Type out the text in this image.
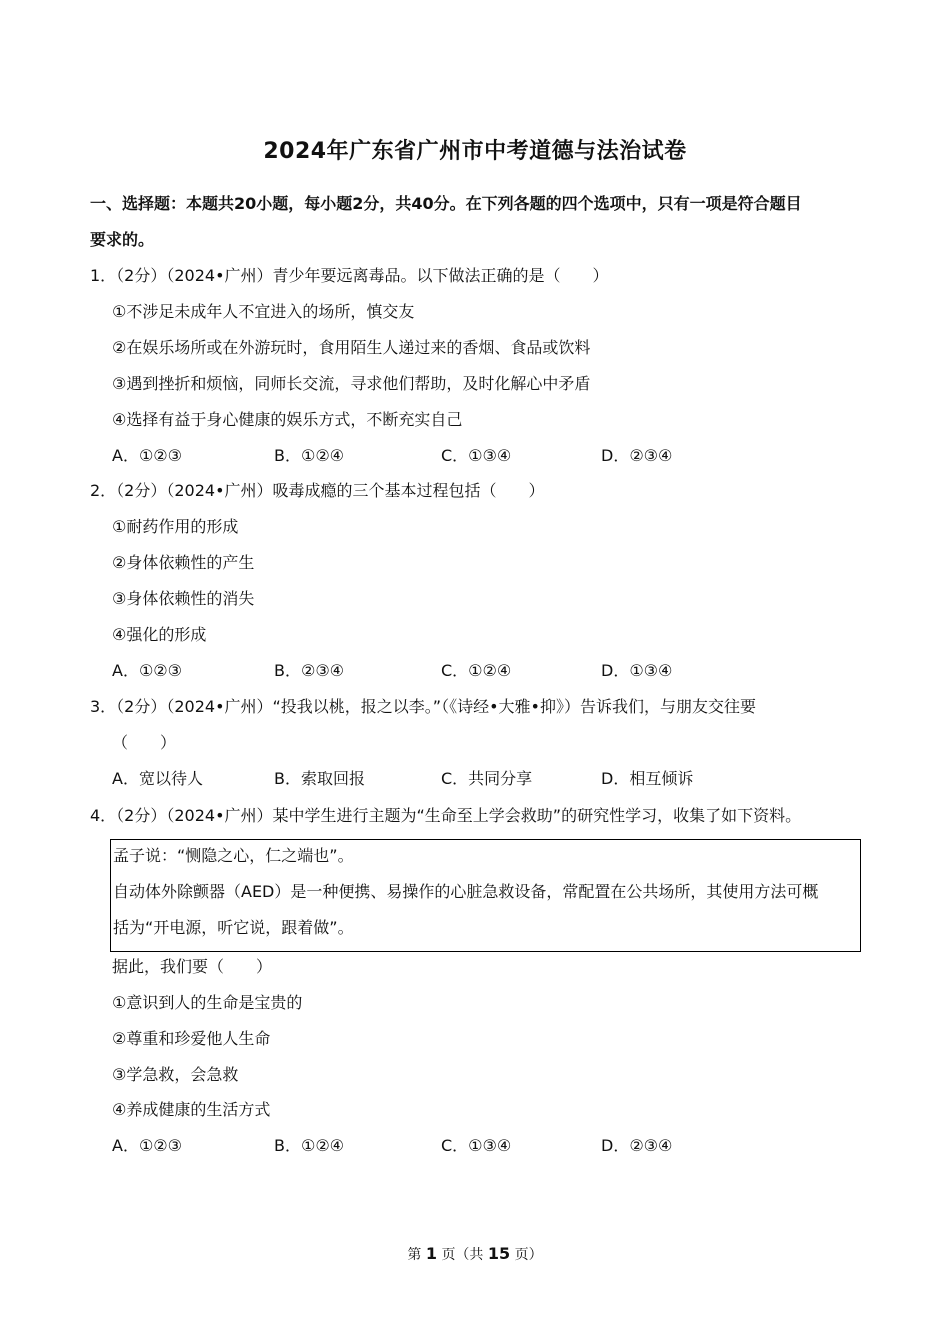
2024年广东省广州市中考道德与法治试卷
一、选择题：本题共20小题，每小题2分，共40分。在下列各题的四个选项中，只有一项是符合题目
要求的。
1．（2分）（2024•广州）青少年要远离毒品。以下做法正确的是（　　）
①不涉足未成年人不宜进入的场所，慎交友
②在娱乐场所或在外游玩时，食用陌生人递过来的香烟、食品或饮料
③遇到挫折和烦恼，同师长交流，寻求他们帮助，及时化解心中矛盾
④选择有益于身心健康的娱乐方式，不断充实自己
A．①②③	B．①②④	C．①③④	D．②③④
2．（2分）（2024•广州）吸毒成瘾的三个基本过程包括（　　）
①耐药作用的形成
②身体依赖性的产生
③身体依赖性的消失
④强化的形成
A．①②③	B．②③④	C．①②④	D．①③④
3．（2分）（2024•广州）“投我以桃，报之以李。”（《诗经•大雅•抑》）告诉我们，与朋友交往要
（　　）
A．宽以待人	B．索取回报	C．共同分享	D．相互倾诉
4．（2分）（2024•广州）某中学生进行主题为“生命至上学会救助”的研究性学习，收集了如下资料。
孟子说：“恻隐之心，仁之端也”。
自动体外除颤器（AED）是一种便携、易操作的心脏急救设备，常配置在公共场所，其使用方法可概
括为“开电源，听它说，跟着做”。
据此，我们要（　　）
①意识到人的生命是宝贵的
②尊重和珍爱他人生命
③学急救，会急救
④养成健康的生活方式
A．①②③	B．①②④	C．①③④	D．②③④
第 1 页（共 15 页）
